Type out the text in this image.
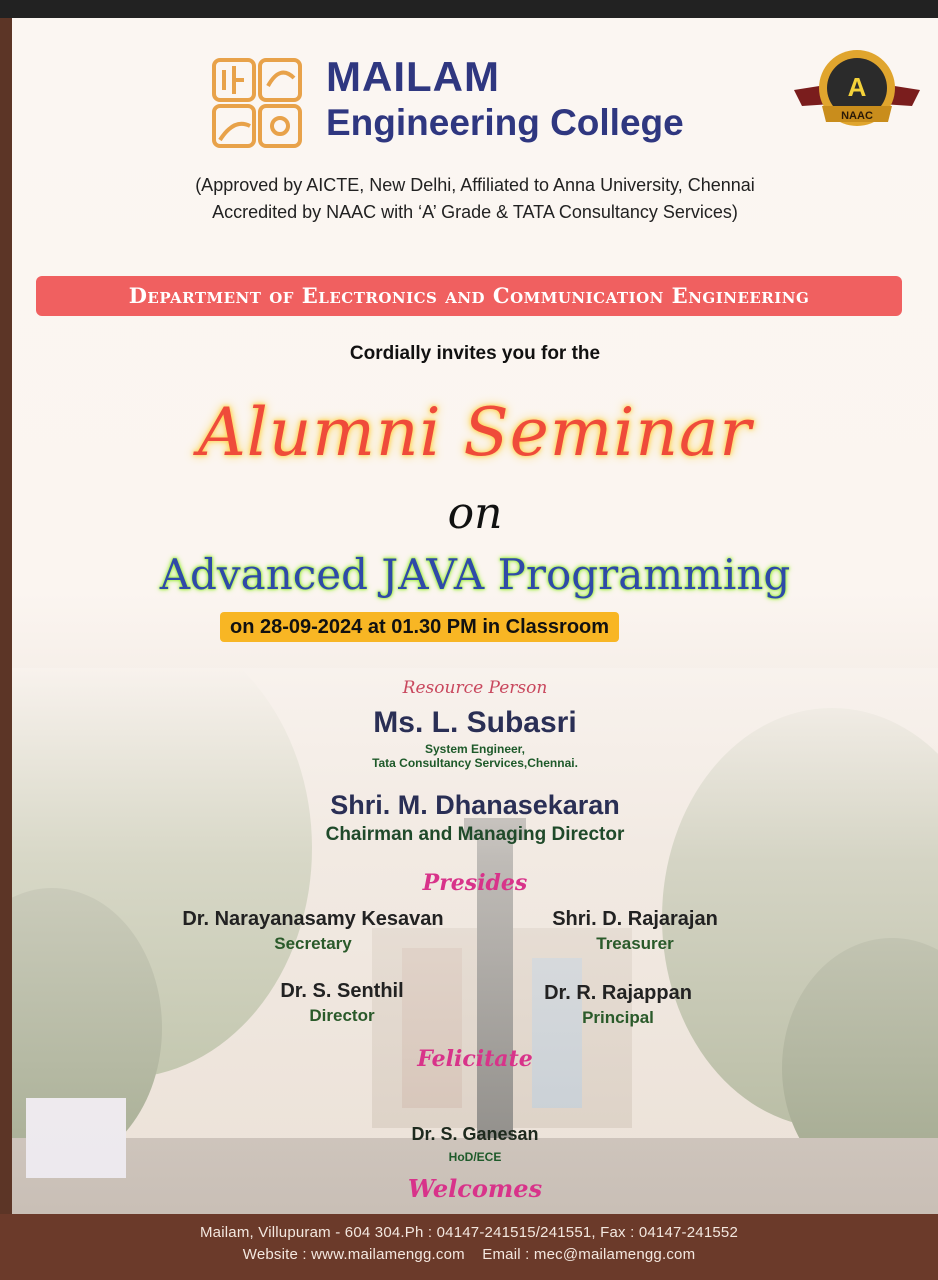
MAILAM
Engineering College
A
NAAC
(Approved by AICTE, New Delhi, Affiliated to Anna University, Chennai
Accredited by NAAC with ‘A’ Grade & TATA Consultancy Services)
Department of Electronics and Communication Engineering
Cordially invites you for the
Alumni Seminar
on
Advanced JAVA Programming
on 28-09-2024 at 01.30 PM in Classroom
Resource Person
Ms. L. Subasri
System Engineer,
Tata Consultancy Services,Chennai.
Shri. M. Dhanasekaran
Chairman and Managing Director
Presides
Dr. Narayanasamy Kesavan
Secretary
Shri. D. Rajarajan
Treasurer
Dr. S. Senthil
Director
Dr. R. Rajappan
Principal
Felicitate
Dr. S. Ganesan
HoD/ECE
Welcomes
Mailam, Villupuram - 604 304.Ph : 04147-241515/241551, Fax : 04147-241552
Website : www.mailamengg.com    Email : mec@mailamengg.com
